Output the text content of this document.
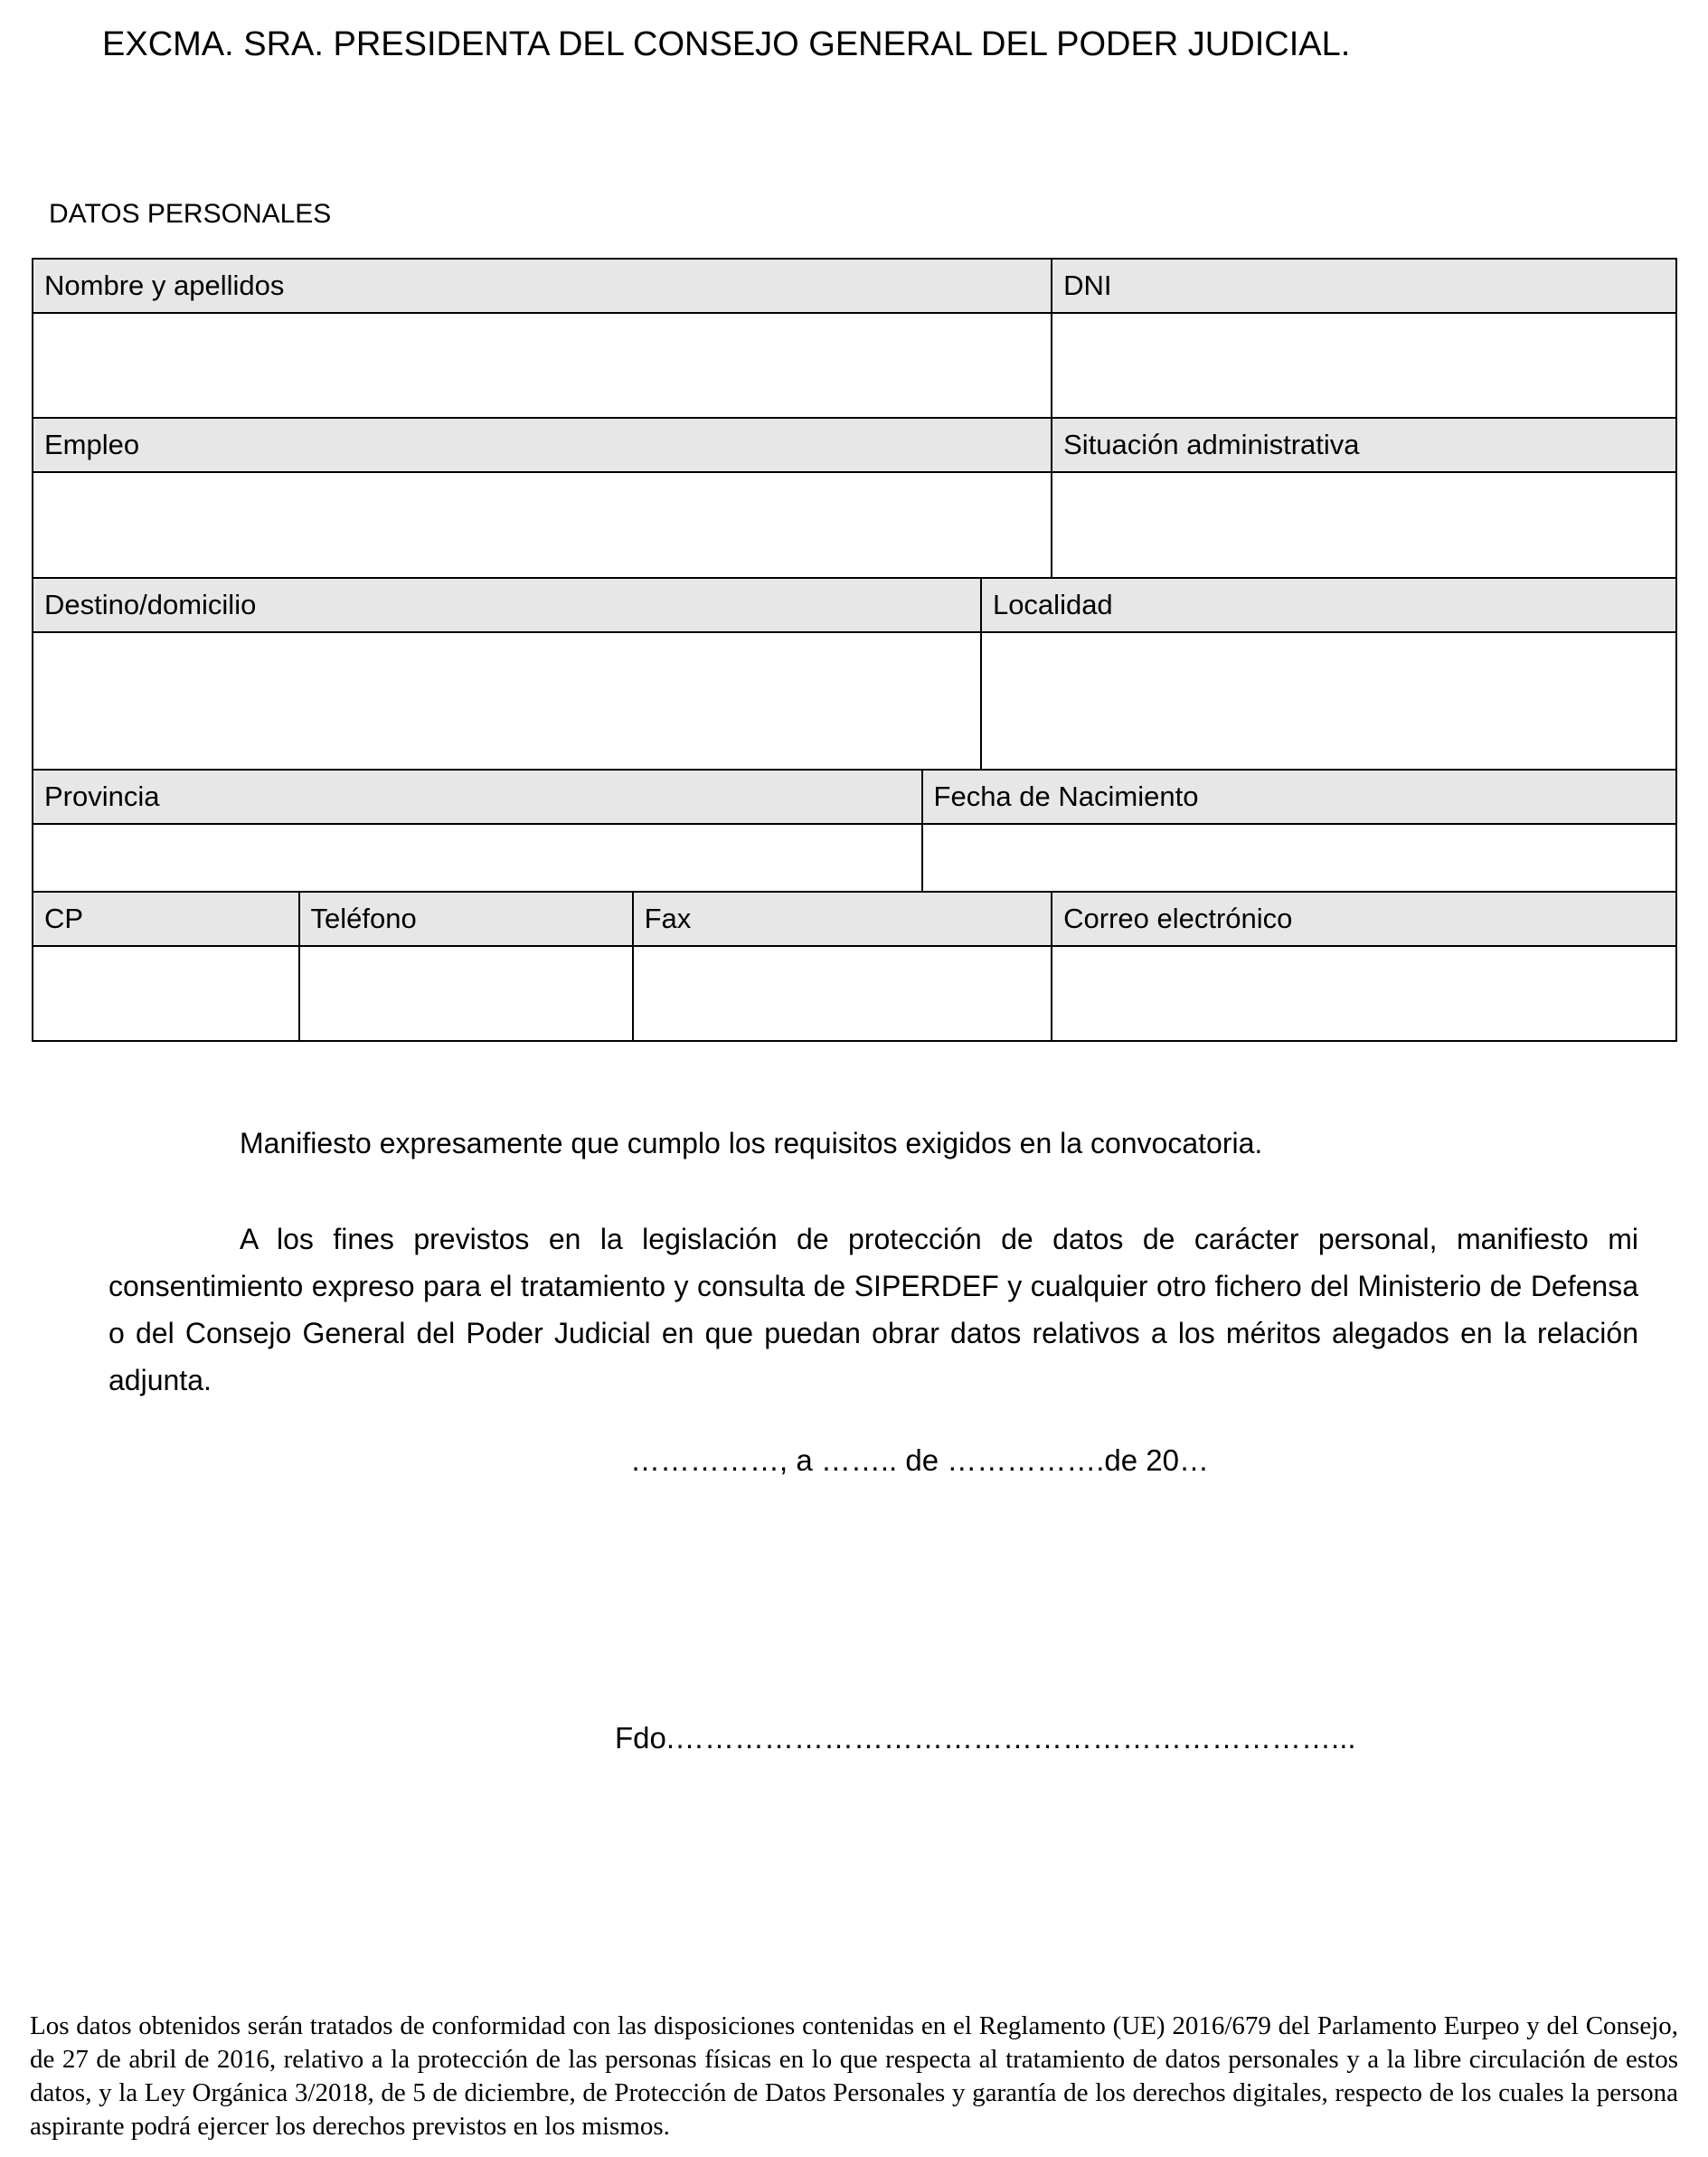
EXCMA. SRA. PRESIDENTA DEL CONSEJO GENERAL DEL PODER JUDICIAL.
DATOS PERSONALES
Nombre y apellidos					DNI

Empleo					Situación administrativa

Destino/domicilio				Localidad	

Provincia			Fecha de Nacimiento		

CP	Teléfono	Fax			Correo electrónico

Manifiesto expresamente que cumplo los requisitos exigidos en la convocatoria.
A los fines previstos en la legislación de protección de datos de carácter personal, manifiesto mi consentimiento expreso para el tratamiento y consulta de SIPERDEF y cualquier otro fichero del Ministerio de Defensa o del Consejo General del Poder Judicial en que puedan obrar datos relativos a los méritos alegados en la relación adjunta.
……………, a …….. de …………….de 20…
Fdo.…………………………………………………………...
Los datos obtenidos serán tratados de conformidad con las disposiciones contenidas en el Reglamento (UE) 2016/679 del Parlamento Eurpeo y del Consejo, de 27 de abril de 2016, relativo a la protección de las personas físicas en lo que respecta al tratamiento de datos personales y a la libre circulación de estos datos, y la Ley Orgánica 3/2018, de 5 de diciembre, de Protección de Datos Personales y garantía de los derechos digitales, respecto de los cuales la persona aspirante podrá ejercer los derechos previstos en los mismos.
